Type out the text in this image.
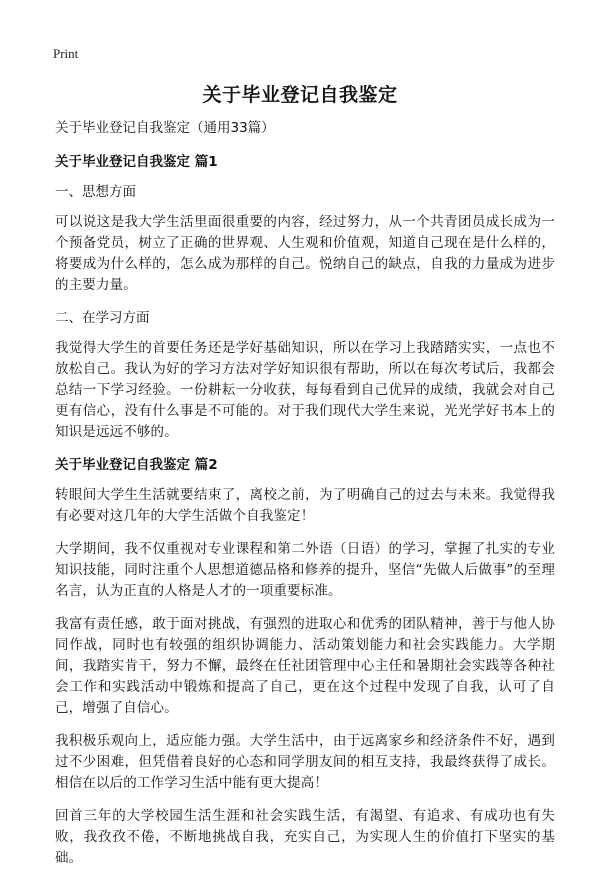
Print
关于毕业登记自我鉴定

关于毕业登记自我鉴定（通用33篇）

关于毕业登记自我鉴定 篇1

一、思想方面

可以说这是我大学生活里面很重要的内容，经过努力，从一个共青团员成长成为一个预备党员，树立了正确的世界观、人生观和价值观，知道自己现在是什么样的，将要成为什么样的，怎么成为那样的自己。悦纳自己的缺点，自我的力量成为进步的主要力量。

二、在学习方面

我觉得大学生的首要任务还是学好基础知识，所以在学习上我踏踏实实，一点也不放松自己。我认为好的学习方法对学好知识很有帮助，所以在每次考试后，我都会总结一下学习经验。一份耕耘一分收获，每每看到自己优异的成绩，我就会对自己更有信心，没有什么事是不可能的。对于我们现代大学生来说，光光学好书本上的知识是远远不够的。

关于毕业登记自我鉴定 篇2

转眼间大学生生活就要结束了，离校之前，为了明确自己的过去与未来。我觉得我有必要对这几年的大学生活做个自我鉴定！

大学期间，我不仅重视对专业课程和第二外语（日语）的学习，掌握了扎实的专业知识技能，同时注重个人思想道德品格和修养的提升，坚信“先做人后做事”的至理名言，认为正直的人格是人才的一项重要标准。

我富有责任感，敢于面对挑战，有强烈的进取心和优秀的团队精神，善于与他人协同作战，同时也有较强的组织协调能力、活动策划能力和社会实践能力。大学期间，我踏实肯干，努力不懈，最终在任社团管理中心主任和暑期社会实践等各种社会工作和实践活动中锻炼和提高了自己，更在这个过程中发现了自我，认可了自己，增强了自信心。

我积极乐观向上，适应能力强。大学生活中，由于远离家乡和经济条件不好，遇到过不少困难，但凭借着良好的心态和同学朋友间的相互支持，我最终获得了成长。相信在以后的工作学习生活中能有更大提高！

回首三年的大学校园生活生涯和社会实践生活，有渴望、有追求、有成功也有失败，我孜孜不倦，不断地挑战自我，充实自己，为实现人生的价值打下坚实的基础。
